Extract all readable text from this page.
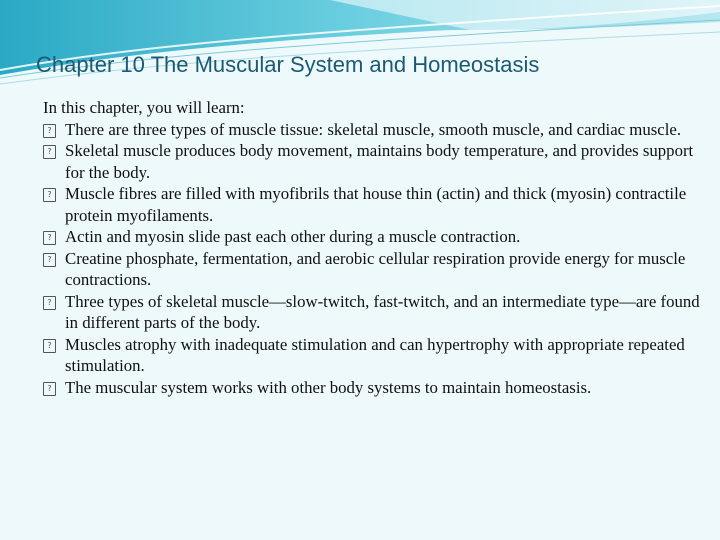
Chapter 10 The Muscular System and Homeostasis

In this chapter, you will learn:

? There are three types of muscle tissue: skeletal muscle, smooth muscle, and cardiac muscle.
? Skeletal muscle produces body movement, maintains body temperature, and provides support for the body.
? Muscle fibres are filled with myofibrils that house thin (actin) and thick (myosin) contractile protein myofilaments.
? Actin and myosin slide past each other during a muscle contraction.
? Creatine phosphate, fermentation, and aerobic cellular respiration provide energy for muscle contractions.
? Three types of skeletal muscle—slow-twitch, fast-twitch, and an intermediate type—are found in different parts of the body.
? Muscles atrophy with inadequate stimulation and can hypertrophy with appropriate repeated stimulation.
? The muscular system works with other body systems to maintain homeostasis.
